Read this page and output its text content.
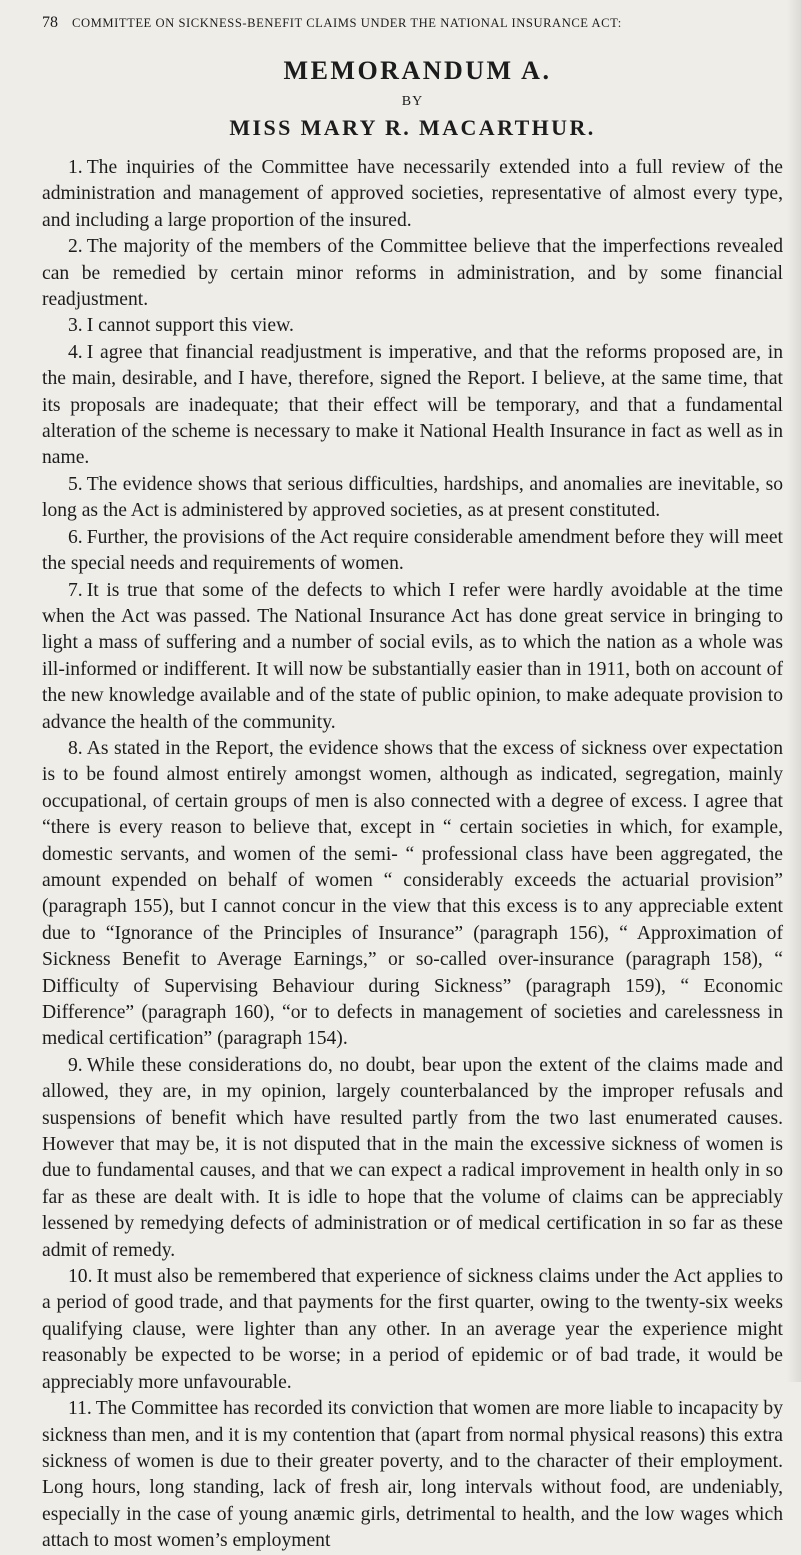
78 COMMITTEE ON SICKNESS-BENEFIT CLAIMS UNDER THE NATIONAL INSURANCE ACT:
MEMORANDUM A.
BY
MISS MARY R. MACARTHUR.

1. The inquiries of the Committee have necessarily extended into a full review of the administration and management of approved societies, representative of almost every type, and including a large proportion of the insured.

2. The majority of the members of the Committee believe that the imperfections revealed can be remedied by certain minor reforms in administration, and by some financial readjustment.

3. I cannot support this view.

4. I agree that financial readjustment is imperative, and that the reforms proposed are, in the main, desirable, and I have, therefore, signed the Report. I believe, at the same time, that its proposals are inadequate; that their effect will be temporary, and that a fundamental alteration of the scheme is necessary to make it National Health Insurance in fact as well as in name.

5. The evidence shows that serious difficulties, hardships, and anomalies are inevitable, so long as the Act is administered by approved societies, as at present constituted.

6. Further, the provisions of the Act require considerable amendment before they will meet the special needs and requirements of women.

7. It is true that some of the defects to which I refer were hardly avoidable at the time when the Act was passed. The National Insurance Act has done great service in bringing to light a mass of suffering and a number of social evils, as to which the nation as a whole was ill-informed or indifferent. It will now be substantially easier than in 1911, both on account of the new knowledge available and of the state of public opinion, to make adequate provision to advance the health of the community.

8. As stated in the Report, the evidence shows that the excess of sickness over expectation is to be found almost entirely amongst women, although as indicated, segregation, mainly occupational, of certain groups of men is also connected with a degree of excess. I agree that “there is every reason to believe that, except in “ certain societies in which, for example, domestic servants, and women of the semi- “ professional class have been aggregated, the amount expended on behalf of women “ considerably exceeds the actuarial provision” (paragraph 155), but I cannot concur in the view that this excess is to any appreciable extent due to “Ignorance of the Principles of Insurance” (paragraph 156), “ Approximation of Sickness Benefit to Average Earnings,” or so-called over-insurance (paragraph 158), “ Difficulty of Supervising Behaviour during Sickness” (paragraph 159), “ Economic Difference” (paragraph 160), “or to defects in management of societies and carelessness in medical certification” (paragraph 154).

9. While these considerations do, no doubt, bear upon the extent of the claims made and allowed, they are, in my opinion, largely counterbalanced by the improper refusals and suspensions of benefit which have resulted partly from the two last enumerated causes. However that may be, it is not disputed that in the main the excessive sickness of women is due to fundamental causes, and that we can expect a radical improvement in health only in so far as these are dealt with. It is idle to hope that the volume of claims can be appreciably lessened by remedying defects of administration or of medical certification in so far as these admit of remedy.

10. It must also be remembered that experience of sickness claims under the Act applies to a period of good trade, and that payments for the first quarter, owing to the twenty-six weeks qualifying clause, were lighter than any other. In an average year the experience might reasonably be expected to be worse; in a period of epidemic or of bad trade, it would be appreciably more unfavourable.

11. The Committee has recorded its conviction that women are more liable to incapacity by sickness than men, and it is my contention that (apart from normal physical reasons) this extra sickness of women is due to their greater poverty, and to the character of their employment. Long hours, long standing, lack of fresh air, long intervals without food, are undeniably, especially in the case of young anæmic girls, detrimental to health, and the low wages which attach to most women’s employment
